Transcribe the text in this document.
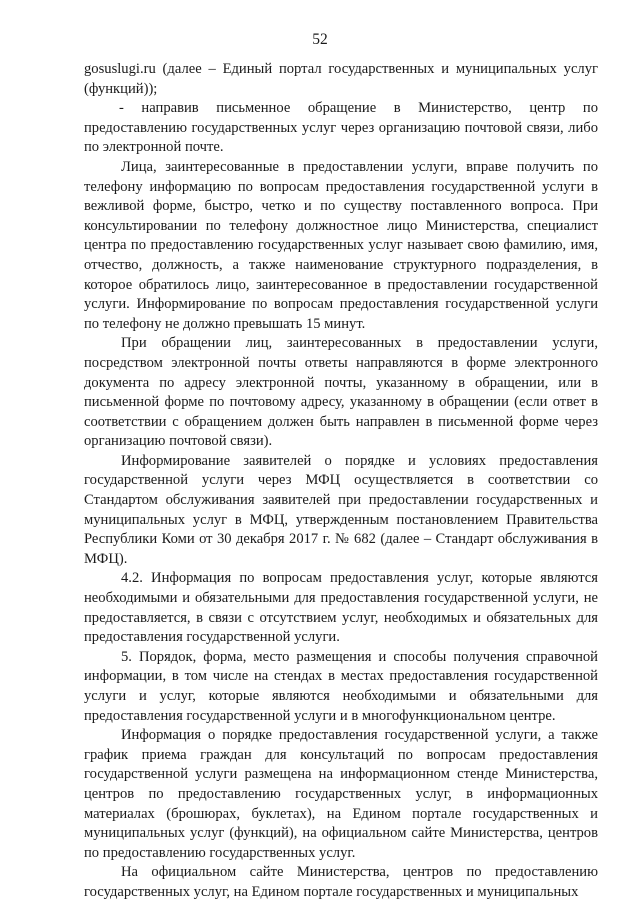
52

gosuslugi.ru (далее – Единый портал государственных и муниципальных услуг (функций));

- направив письменное обращение в Министерство, центр по предоставлению государственных услуг через организацию почтовой связи, либо по электронной почте.

Лица, заинтересованные в предоставлении услуги, вправе получить по телефону информацию по вопросам предоставления государственной услуги в вежливой форме, быстро, четко и по существу поставленного вопроса. При консультировании по телефону должностное лицо Министерства, специалист центра по предоставлению государственных услуг называет свою фамилию, имя, отчество, должность, а также наименование структурного подразделения, в которое обратилось лицо, заинтересованное в предоставлении государственной услуги. Информирование по вопросам предоставления государственной услуги по телефону не должно превышать 15 минут.

При обращении лиц, заинтересованных в предоставлении услуги, посредством электронной почты ответы направляются в форме электронного документа по адресу электронной почты, указанному в обращении, или в письменной форме по почтовому адресу, указанному в обращении (если ответ в соответствии с обращением должен быть направлен в письменной форме через организацию почтовой связи).

Информирование заявителей о порядке и условиях предоставления государственной услуги через МФЦ осуществляется в соответствии со Стандартом обслуживания заявителей при предоставлении государственных и муниципальных услуг в МФЦ, утвержденным постановлением Правительства Республики Коми от 30 декабря 2017 г. № 682 (далее – Стандарт обслуживания в МФЦ).

4.2. Информация по вопросам предоставления услуг, которые являются необходимыми и обязательными для предоставления государственной услуги, не предоставляется, в связи с отсутствием услуг, необходимых и обязательных для предоставления государственной услуги.

5. Порядок, форма, место размещения и способы получения справочной информации, в том числе на стендах в местах предоставления государственной услуги и услуг, которые являются необходимыми и обязательными для предоставления государственной услуги и в многофункциональном центре.

Информация о порядке предоставления государственной услуги, а также график приема граждан для консультаций по вопросам предоставления государственной услуги размещена на информационном стенде Министерства, центров по предоставлению государственных услуг, в информационных материалах (брошюрах, буклетах), на Едином портале государственных и муниципальных услуг (функций), на официальном сайте Министерства, центров по предоставлению государственных услуг.

На официальном сайте Министерства, центров по предоставлению государственных услуг, на Едином портале государственных и муниципальных
